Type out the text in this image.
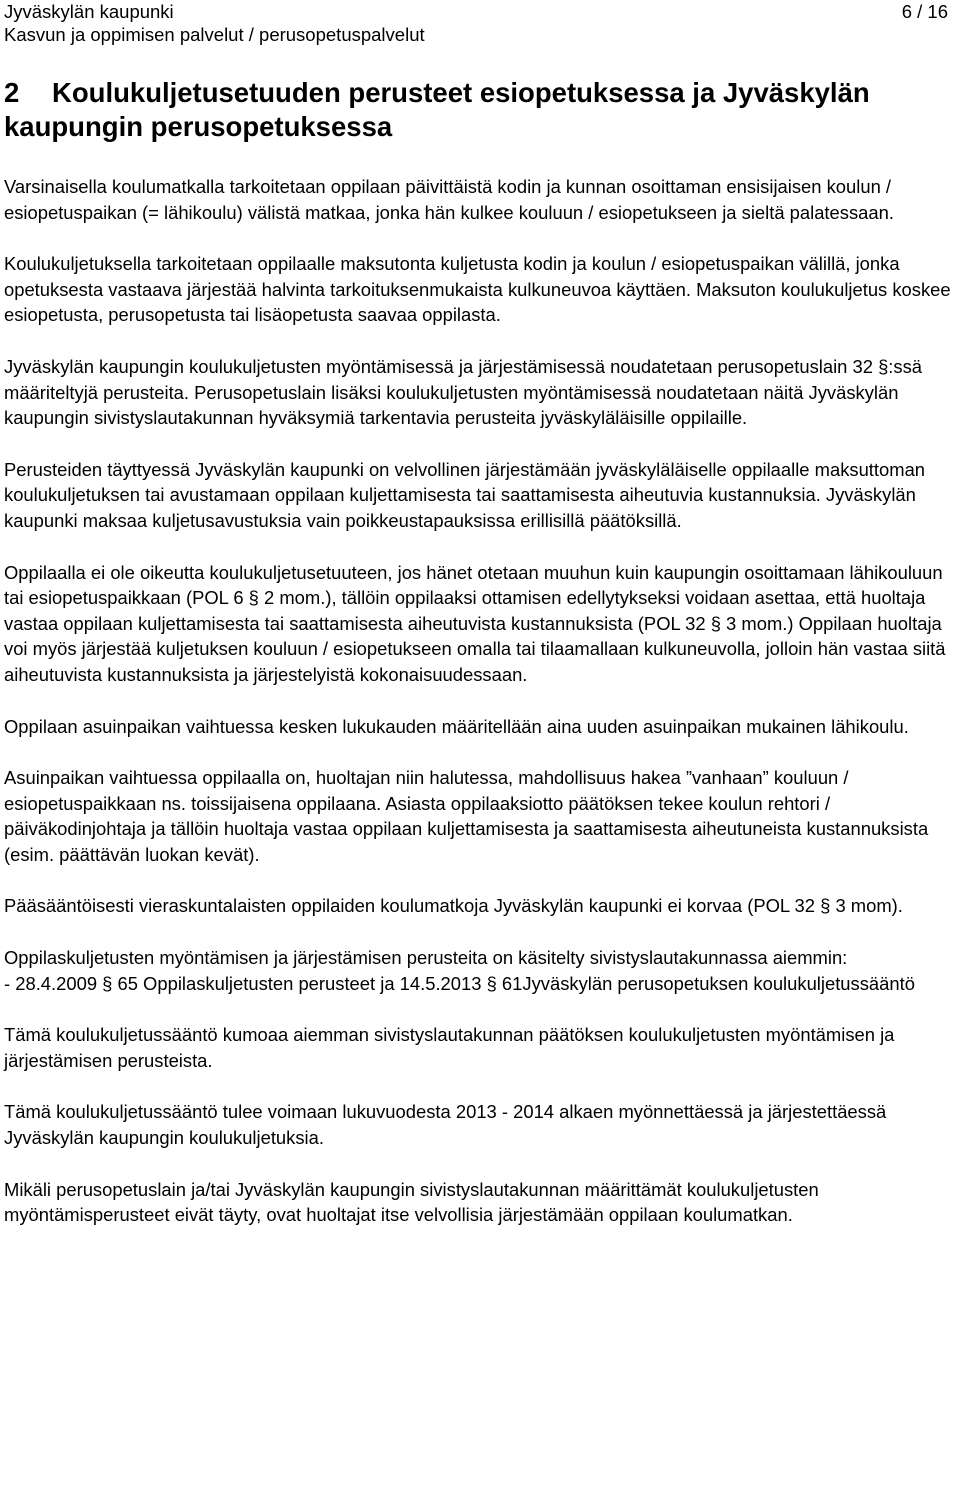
Jyväskylän kaupunki
Kasvun ja oppimisen palvelut / perusopetuspalvelut
6 / 16
2 Koulukuljetusetuuden perusteet esiopetuksessa ja Jyväskylän
kaupungin perusopetuksessa

Varsinaisella koulumatkalla tarkoitetaan oppilaan päivittäistä kodin ja kunnan osoittaman ensisijaisen koulun / esiopetuspaikan (= lähikoulu) välistä matkaa, jonka hän kulkee kouluun / esiopetukseen ja sieltä palatessaan.

Koulukuljetuksella tarkoitetaan oppilaalle maksutonta kuljetusta kodin ja koulun / esiopetuspaikan välillä, jonka opetuksesta vastaava järjestää halvinta tarkoituksenmukaista kulkuneuvoa käyttäen. Maksuton koulukuljetus koskee esiopetusta, perusopetusta tai lisäopetusta saavaa oppilasta.

Jyväskylän kaupungin koulukuljetusten myöntämisessä ja järjestämisessä noudatetaan perusopetuslain 32 §:ssä määriteltyjä perusteita. Perusopetuslain lisäksi koulukuljetusten myöntämisessä noudatetaan näitä Jyväskylän kaupungin sivistyslautakunnan hyväksymiä tarkentavia perusteita jyväskyläläisille oppilaille.

Perusteiden täyttyessä Jyväskylän kaupunki on velvollinen järjestämään jyväskyläläiselle oppilaalle maksuttoman koulukuljetuksen tai avustamaan oppilaan kuljettamisesta tai saattamisesta aiheutuvia kustannuksia. Jyväskylän kaupunki maksaa kuljetusavustuksia vain poikkeustapauksissa erillisillä päätöksillä.

Oppilaalla ei ole oikeutta koulukuljetusetuuteen, jos hänet otetaan muuhun kuin kaupungin osoittamaan lähikouluun tai esiopetuspaikkaan (POL 6 § 2 mom.), tällöin oppilaaksi ottamisen edellytykseksi voidaan asettaa, että huoltaja vastaa oppilaan kuljettamisesta tai saattamisesta aiheutuvista kustannuksista (POL 32 § 3 mom.) Oppilaan huoltaja voi myös järjestää kuljetuksen kouluun / esiopetukseen omalla tai tilaamallaan kulkuneuvolla, jolloin hän vastaa siitä aiheutuvista kustannuksista ja järjestelyistä kokonaisuudessaan.

Oppilaan asuinpaikan vaihtuessa kesken lukukauden määritellään aina uuden asuinpaikan mukainen lähikoulu.

Asuinpaikan vaihtuessa oppilaalla on, huoltajan niin halutessa, mahdollisuus hakea ”vanhaan” kouluun / esiopetuspaikkaan ns. toissijaisena oppilaana. Asiasta oppilaaksiotto päätöksen tekee koulun rehtori / päiväkodinjohtaja ja tällöin huoltaja vastaa oppilaan kuljettamisesta ja saattamisesta aiheutuneista kustannuksista (esim. päättävän luokan kevät).

Pääsääntöisesti vieraskuntalaisten oppilaiden koulumatkoja Jyväskylän kaupunki ei korvaa (POL 32 § 3 mom).

Oppilaskuljetusten myöntämisen ja järjestämisen perusteita on käsitelty sivistyslautakunnassa aiemmin:

- 28.4.2009 § 65 Oppilaskuljetusten perusteet ja 14.5.2013 § 61Jyväskylän perusopetuksen koulukuljetussääntö

Tämä koulukuljetussääntö kumoaa aiemman sivistyslautakunnan päätöksen koulukuljetusten myöntämisen ja järjestämisen perusteista.

Tämä koulukuljetussääntö tulee voimaan lukuvuodesta 2013 - 2014 alkaen myönnettäessä ja järjestettäessä Jyväskylän kaupungin koulukuljetuksia.

Mikäli perusopetuslain ja/tai Jyväskylän kaupungin sivistyslautakunnan määrittämät koulukuljetusten myöntämisperusteet eivät täyty, ovat huoltajat itse velvollisia järjestämään oppilaan koulumatkan.
